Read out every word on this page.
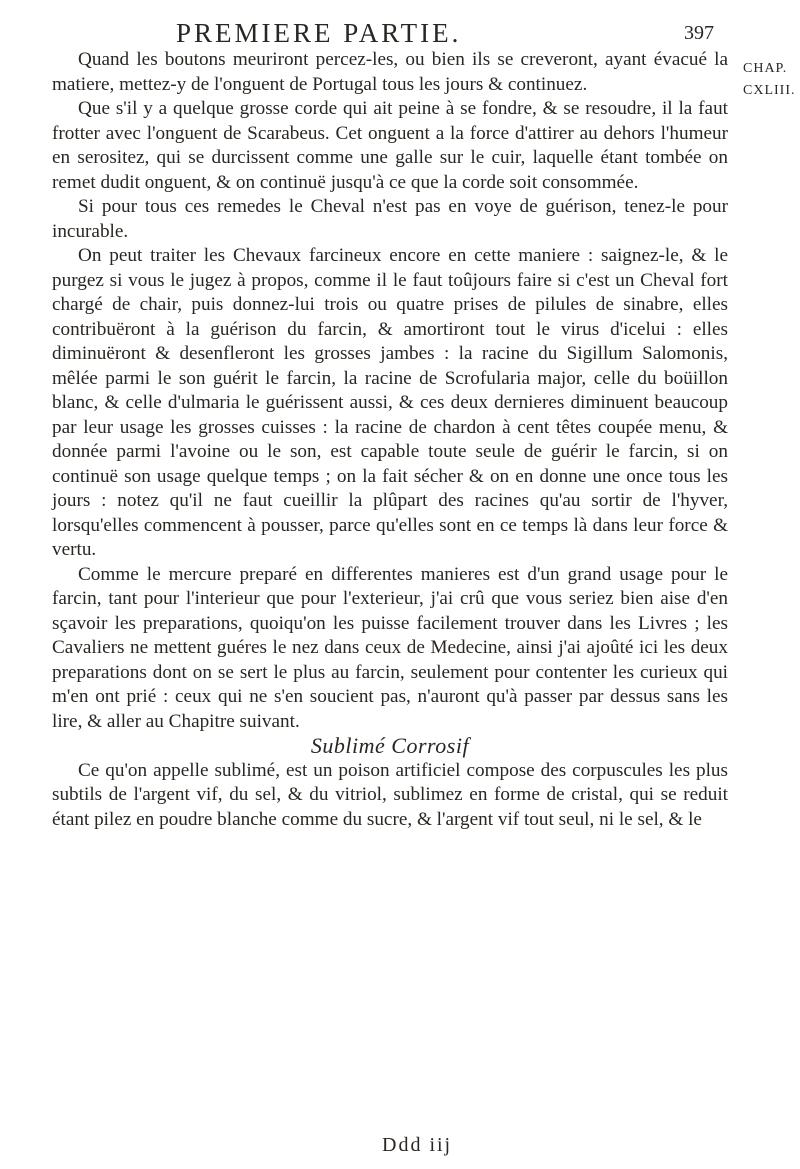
PREMIERE PARTIE.	397
CHAP.
CXLIII.

Quand les boutons meuriront percez-les, ou bien ils se creveront, ayant évacué la matiere, mettez-y de l'onguent de Portugal tous les jours & continuez.

Que s'il y a quelque grosse corde qui ait peine à se fondre, & se resoudre, il la faut frotter avec l'onguent de Scarabeus. Cet onguent a la force d'attirer au dehors l'humeur en serositez, qui se durcissent comme une galle sur le cuir, laquelle étant tombée on remet dudit onguent, & on continuë jusqu'à ce que la corde soit consommée.

Si pour tous ces remedes le Cheval n'est pas en voye de guérison, tenez-le pour incurable.

On peut traiter les Chevaux farcineux encore en cette maniere : saignez-le, & le purgez si vous le jugez à propos, comme il le faut toûjours faire si c'est un Cheval fort chargé de chair, puis donnez-lui trois ou quatre prises de pilules de sinabre, elles contribuëront à la guérison du farcin, & amortiront tout le virus d'icelui : elles diminuëront & desenfleront les grosses jambes : la racine du Sigillum Salomonis, mêlée parmi le son guérit le farcin, la racine de Scrofularia major, celle du boüillon blanc, & celle d'ulmaria le guérissent aussi, & ces deux dernieres diminuent beaucoup par leur usage les grosses cuisses : la racine de chardon à cent têtes coupée menu, & donnée parmi l'avoine ou le son, est capable toute seule de guérir le farcin, si on continuë son usage quelque temps ; on la fait sécher & on en donne une once tous les jours : notez qu'il ne faut cueillir la plûpart des racines qu'au sortir de l'hyver, lorsqu'elles commencent à pousser, parce qu'elles sont en ce temps là dans leur force & vertu.

Comme le mercure preparé en differentes manieres est d'un grand usage pour le farcin, tant pour l'interieur que pour l'exterieur, j'ai crû que vous seriez bien aise d'en sçavoir les preparations, quoiqu'on les puisse facilement trouver dans les Livres ; les Cavaliers ne mettent guéres le nez dans ceux de Medecine, ainsi j'ai ajoûté ici les deux preparations dont on se sert le plus au farcin, seulement pour contenter les curieux qui m'en ont prié : ceux qui ne s'en soucient pas, n'auront qu'à passer par dessus sans les lire, & aller au Chapitre suivant.

Sublimé Corrosif

Ce qu'on appelle sublimé, est un poison artificiel compose des corpuscules les plus subtils de l'argent vif, du sel, & du vitriol, sublimez en forme de cristal, qui se reduit étant pilez en poudre blanche comme du sucre, & l'argent vif tout seul, ni le sel, & le

Ddd iij
